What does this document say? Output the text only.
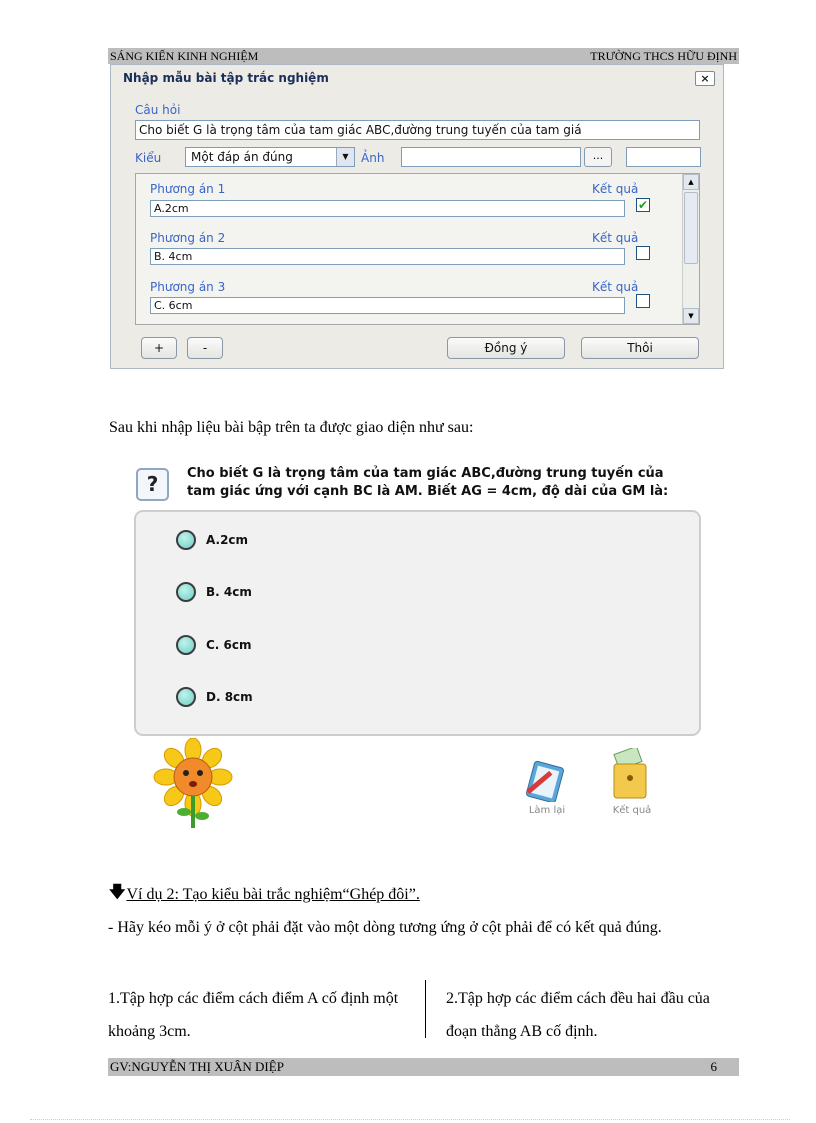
SÁNG KIẾN KINH NGHIỆM	TRƯỜNG THCS HỮU ĐỊNH
Nhập mẫu bài tập trắc nghiệm	×
Câu hỏi
Cho biết G là trọng tâm của tam giác ABC,đường trung tuyến của tam giá
Kiểu	Một đáp án đúng	▼	Ảnh	...
Phương án 1	Kết quả
A.2cm	✔
Phương án 2	Kết quả
B. 4cm
Phương án 3	Kết quả
C. 6cm
▲
▼
+	-	Đồng ý	Thôi
Sau khi nhập liệu bài bập trên ta được giao diện như sau:
?	Cho biết G là trọng tâm của tam giác ABC,đường trung tuyến của
tam giác ứng với cạnh BC là AM. Biết AG = 4cm, độ dài của GM là:
A.2cm
B. 4cm
C. 6cm
D. 8cm
Làm lại	Kết quả
🡇 Ví dụ 2: Tạo kiểu bài trắc nghiệm“Ghép đôi”.
- Hãy kéo mỗi ý ở cột phải đặt vào một dòng tương ứng ở cột phải để có kết quả đúng.
1.Tập hợp các điểm cách điểm A cố định một khoảng 3cm.
2.Tập hợp các điểm cách đều hai đầu của đoạn thẳng AB cố định.
GV:NGUYỄN THỊ XUÂN DIỆP	6
